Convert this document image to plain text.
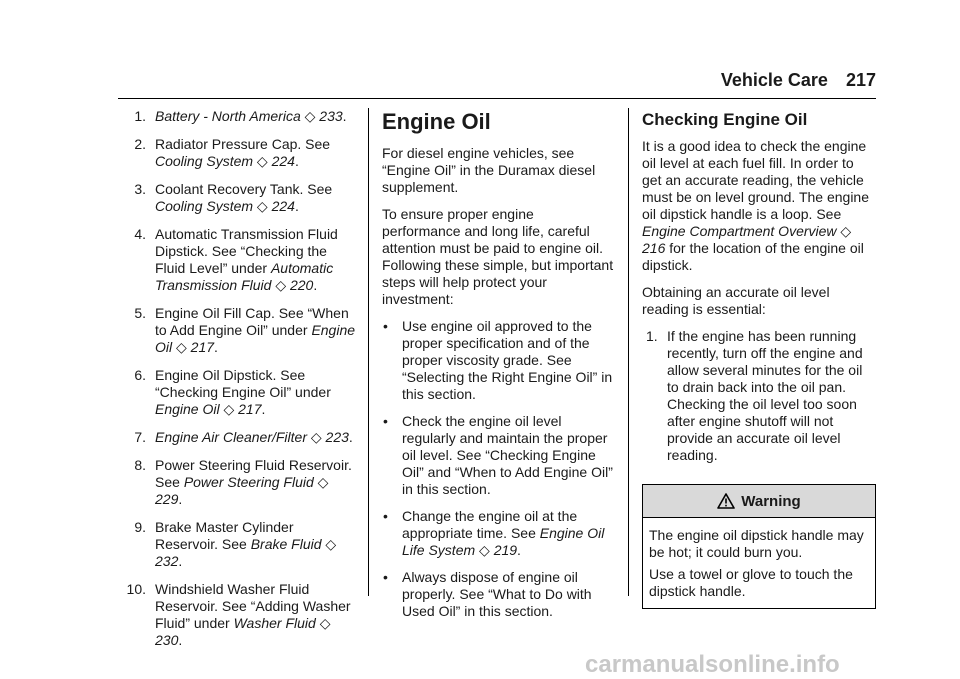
Vehicle Care 217
1. Battery - North America ◇ 233.
2. Radiator Pressure Cap. See Cooling System ◇ 224.
3. Coolant Recovery Tank. See Cooling System ◇ 224.
4. Automatic Transmission Fluid Dipstick. See “Checking the Fluid Level” under Automatic Transmission Fluid ◇ 220.
5. Engine Oil Fill Cap. See “When to Add Engine Oil” under Engine Oil ◇ 217.
6. Engine Oil Dipstick. See “Checking Engine Oil” under Engine Oil ◇ 217.
7. Engine Air Cleaner/Filter ◇ 223.
8. Power Steering Fluid Reservoir. See Power Steering Fluid ◇ 229.
9. Brake Master Cylinder Reservoir. See Brake Fluid ◇ 232.
10. Windshield Washer Fluid Reservoir. See “Adding Washer Fluid” under Washer Fluid ◇ 230.
Engine Oil

For diesel engine vehicles, see “Engine Oil” in the Duramax diesel supplement.

To ensure proper engine performance and long life, careful attention must be paid to engine oil. Following these simple, but important steps will help protect your investment:

• Use engine oil approved to the proper specification and of the proper viscosity grade. See “Selecting the Right Engine Oil” in this section.
• Check the engine oil level regularly and maintain the proper oil level. See “Checking Engine Oil” and “When to Add Engine Oil” in this section.
• Change the engine oil at the appropriate time. See Engine Oil Life System ◇ 219.
• Always dispose of engine oil properly. See “What to Do with Used Oil” in this section.
Checking Engine Oil

It is a good idea to check the engine oil level at each fuel fill. In order to get an accurate reading, the vehicle must be on level ground. The engine oil dipstick handle is a loop. See Engine Compartment Overview ◇ 216 for the location of the engine oil dipstick.

Obtaining an accurate oil level reading is essential:

1. If the engine has been running recently, turn off the engine and allow several minutes for the oil to drain back into the oil pan. Checking the oil level too soon after engine shutoff will not provide an accurate oil level reading.
Warning

The engine oil dipstick handle may be hot; it could burn you.

Use a towel or glove to touch the dipstick handle.

carmanualsonline.info
